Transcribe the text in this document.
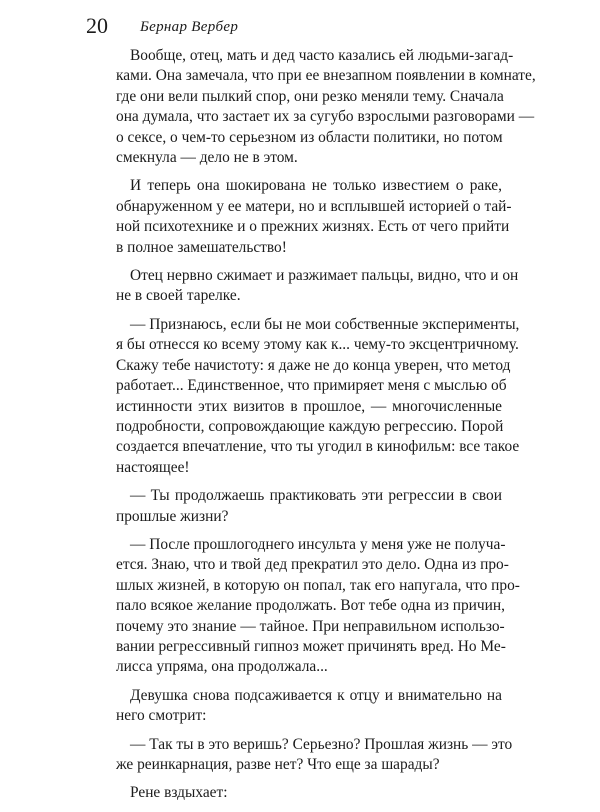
20 Бернар Вербер
Вообще, отец, мать и дед часто казались ей людьми-загад-
ками. Она замечала, что при ее внезапном появлении в комнате,
где они вели пылкий спор, они резко меняли тему. Сначала
она думала, что застает их за сугубо взрослыми разговорами —
о сексе, о чем-то серьезном из области политики, но потом
смекнула — дело не в этом.
И теперь она шокирована не только известием о раке,
обнаруженном у ее матери, но и всплывшей историей о тай-
ной психотехнике и о прежних жизнях. Есть от чего прийти
в полное замешательство!
Отец нервно сжимает и разжимает пальцы, видно, что и он
не в своей тарелке.
— Признаюсь, если бы не мои собственные эксперименты,
я бы отнесся ко всему этому как к... чему-то эксцентричному.
Скажу тебе начистоту: я даже не до конца уверен, что метод
работает... Единственное, что примиряет меня с мыслью об
истинности этих визитов в прошлое, — многочисленные
подробности, сопровождающие каждую регрессию. Порой
создается впечатление, что ты угодил в кинофильм: все такое
настоящее!
— Ты продолжаешь практиковать эти регрессии в свои
прошлые жизни?
— После прошлогоднего инсульта у меня уже не получа-
ется. Знаю, что и твой дед прекратил это дело. Одна из про-
шлых жизней, в которую он попал, так его напугала, что про-
пало всякое желание продолжать. Вот тебе одна из причин,
почему это знание — тайное. При неправильном использо-
вании регрессивный гипноз может причинять вред. Но Ме-
лисса упряма, она продолжала...
Девушка снова подсаживается к отцу и внимательно на
него смотрит:
— Так ты в это веришь? Серьезно? Прошлая жизнь — это
же реинкарнация, разве нет? Что еще за шарады?
Рене вздыхает:
